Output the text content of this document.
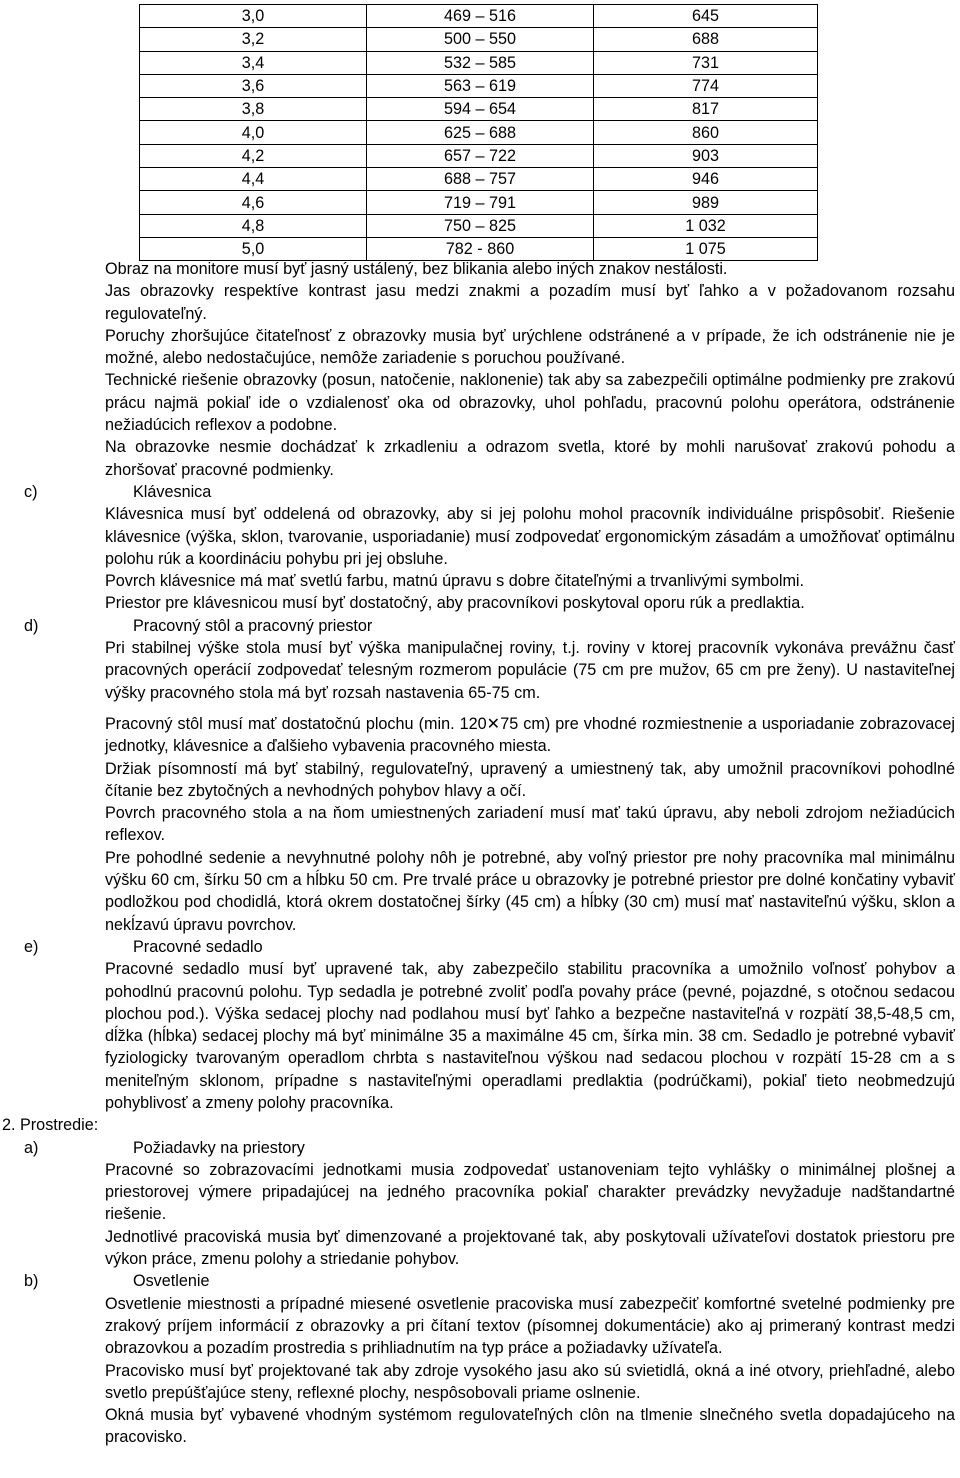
3,0	469 – 516	645
3,2	500 – 550	688
3,4	532 – 585	731
3,6	563 – 619	774
3,8	594 – 654	817
4,0	625 – 688	860
4,2	657 – 722	903
4,4	688 – 757	946
4,6	719 – 791	989
4,8	750 – 825	1 032
5,0	782 - 860	1 075

Obraz na monitore musí byť jasný ustálený, bez blikania alebo iných znakov nestálosti.

Jas obrazovky respektíve kontrast jasu medzi znakmi a pozadím musí byť ľahko a v požadovanom rozsahu regulovateľný.

Poruchy zhoršujúce čitateľnosť z obrazovky musia byť urýchlene odstránené a v prípade, že ich odstránenie nie je možné, alebo nedostačujúce, nemôže zariadenie s poruchou používané.

Technické riešenie obrazovky (posun, natočenie, naklonenie) tak aby sa zabezpečili optimálne podmienky pre zrakovú prácu najmä pokiaľ ide o vzdialenosť oka od obrazovky, uhol pohľadu, pracovnú polohu operátora, odstránenie nežiadúcich reflexov a podobne.

Na obrazovke nesmie dochádzať k zrkadleniu a odrazom svetla, ktoré by mohli narušovať zrakovú pohodu a zhoršovať pracovné podmienky.

c)	Klávesnica

Klávesnica musí byť oddelená od obrazovky, aby si jej polohu mohol pracovník individuálne prispôsobiť. Riešenie klávesnice (výška, sklon, tvarovanie, usporiadanie) musí zodpovedať ergonomickým zásadám a umožňovať optimálnu polohu rúk a koordináciu pohybu pri jej obsluhe.

Povrch klávesnice má mať svetlú farbu, matnú úpravu s dobre čitateľnými a trvanlivými symbolmi.

Priestor pre klávesnicou musí byť dostatočný, aby pracovníkovi poskytoval oporu rúk a predlaktia.

d)	Pracovný stôl a pracovný priestor

Pri stabilnej výške stola musí byť výška manipulačnej roviny, t.j. roviny v ktorej pracovník vykonáva prevážnu časť pracovných operácií zodpovedať telesným rozmerom populácie (75 cm pre mužov, 65 cm pre ženy). U nastaviteľnej výšky pracovného stola má byť rozsah nastavenia 65-75 cm.

Pracovný stôl musí mať dostatočnú plochu (min. 120✕75 cm) pre vhodné rozmiestnenie a usporiadanie zobrazovacej jednotky, klávesnice a ďalšieho vybavenia pracovného miesta.

Držiak písomností má byť stabilný, regulovateľný, upravený a umiestnený tak, aby umožnil pracovníkovi pohodlné čítanie bez zbytočných a nevhodných pohybov hlavy a očí.

Povrch pracovného stola a na ňom umiestnených zariadení musí mať takú úpravu, aby neboli zdrojom nežiadúcich reflexov.

Pre pohodlné sedenie a nevyhnutné polohy nôh je potrebné, aby voľný priestor pre nohy pracovníka mal minimálnu výšku 60 cm, šírku 50 cm a hĺbku 50 cm. Pre trvalé práce u obrazovky je potrebné priestor pre dolné končatiny vybaviť podložkou pod chodidlá, ktorá okrem dostatočnej šírky (45 cm) a hĺbky (30 cm) musí mať nastaviteľnú výšku, sklon a nekĺzavú úpravu povrchov.

e)	Pracovné sedadlo

Pracovné sedadlo musí byť upravené tak, aby zabezpečilo stabilitu pracovníka a umožnilo voľnosť pohybov a pohodlnú pracovnú polohu. Typ sedadla je potrebné zvoliť podľa povahy práce (pevné, pojazdné, s otočnou sedacou plochou pod.). Výška sedacej plochy nad podlahou musí byť ľahko a bezpečne nastaviteľná v rozpätí 38,5-48,5 cm, dĺžka (hĺbka) sedacej plochy má byť minimálne 35 a maximálne 45 cm, šírka min. 38 cm. Sedadlo je potrebné vybaviť fyziologicky tvarovaným operadlom chrbta s nastaviteľnou výškou nad sedacou plochou v rozpätí 15-28 cm a s meniteľným sklonom, prípadne s nastaviteľnými operadlami predlaktia (podrúčkami), pokiaľ tieto neobmedzujú pohyblivosť a zmeny polohy pracovníka.

2. Prostredie:
a)	Požiadavky na priestory

Pracovné so zobrazovacími jednotkami musia zodpovedať ustanoveniam tejto vyhlášky o minimálnej plošnej a priestorovej výmere pripadajúcej na jedného pracovníka pokiaľ charakter prevádzky nevyžaduje nadštandartné riešenie.

Jednotlivé pracoviská musia byť dimenzované a projektované tak, aby poskytovali užívateľovi dostatok priestoru pre výkon práce, zmenu polohy a striedanie pohybov.

b)	Osvetlenie

Osvetlenie miestnosti a prípadné miesené osvetlenie pracoviska musí zabezpečiť komfortné svetelné podmienky pre zrakový príjem informácií z obrazovky a pri čítaní textov (písomnej dokumentácie) ako aj primeraný kontrast medzi obrazovkou a pozadím prostredia s prihliadnutím na typ práce a požiadavky užívateľa.

Pracovisko musí byť projektované tak aby zdroje vysokého jasu ako sú svietidlá, okná a iné otvory, priehľadné, alebo svetlo prepúšťajúce steny, reflexné plochy, nespôsobovali priame oslnenie.

Okná musia byť vybavené vhodným systémom regulovateľných clôn na tlmenie slnečného svetla dopadajúceho na pracovisko.
